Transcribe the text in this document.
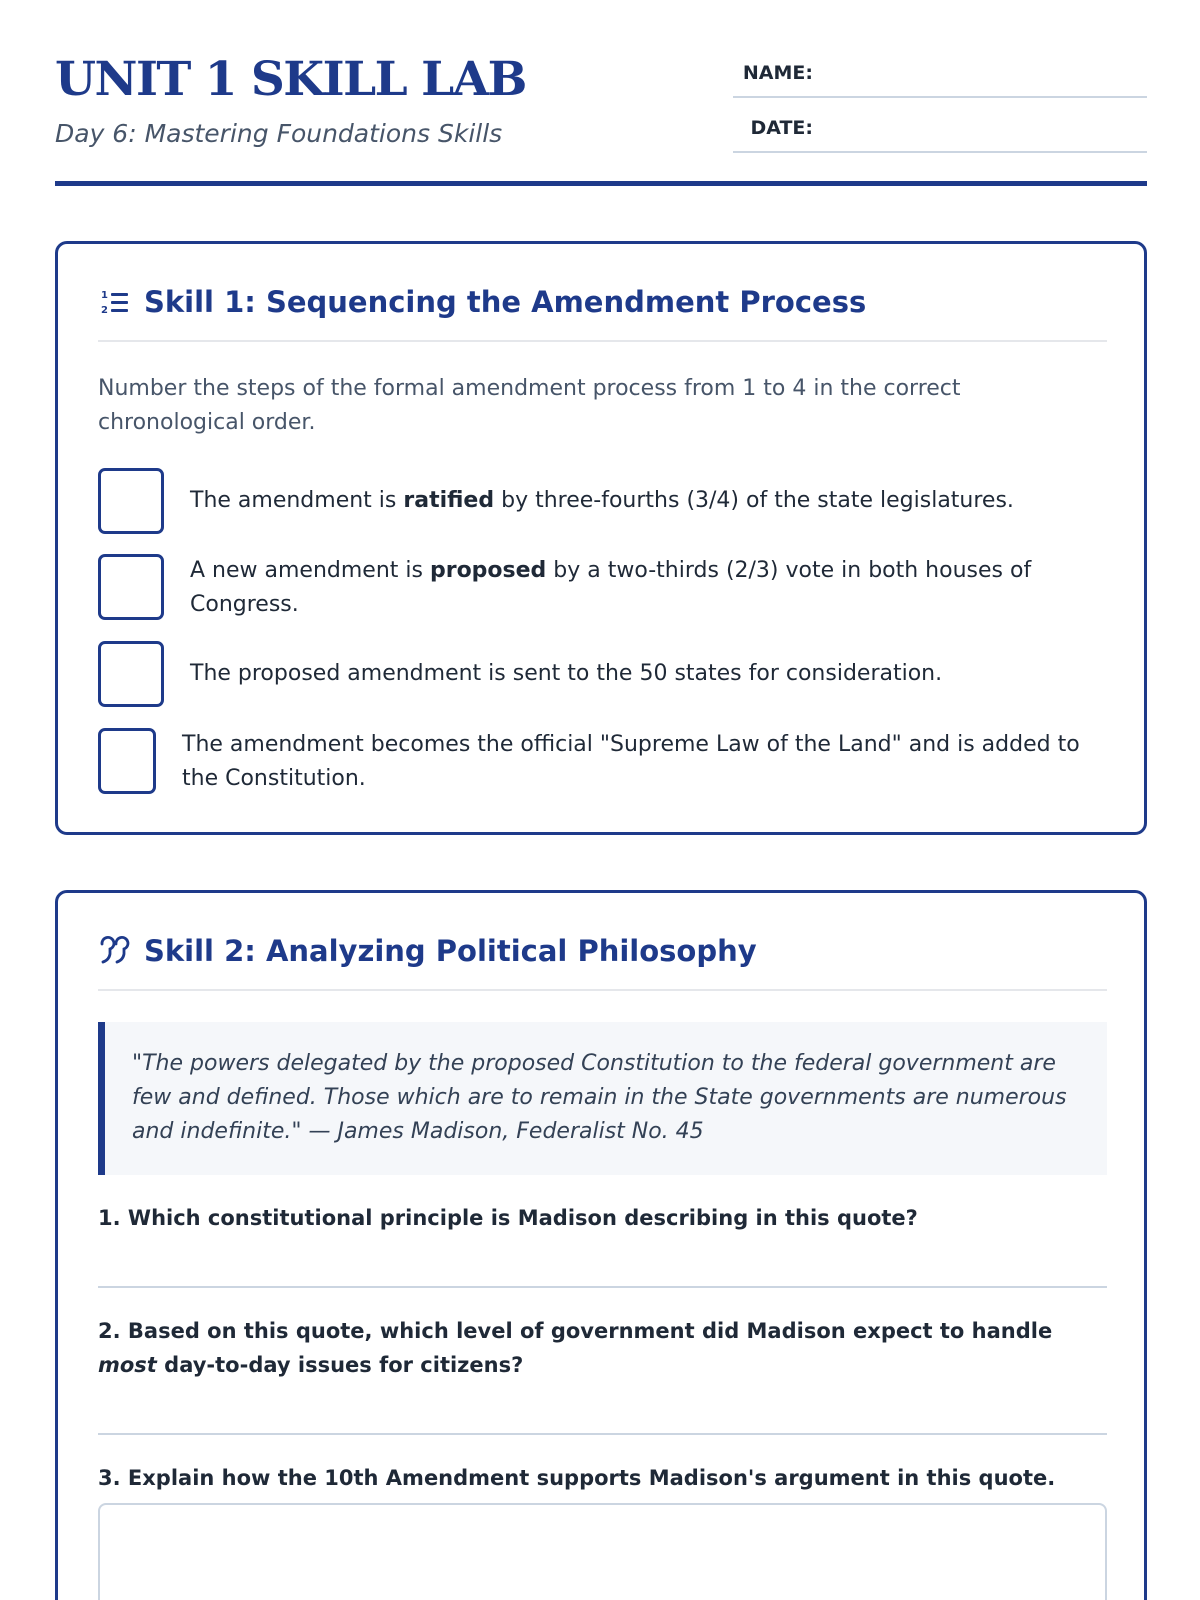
UNIT 1 SKILL LAB
Day 6: Mastering Foundations Skills
NAME:
DATE:
1
2 Skill 1: Sequencing the Amendment Process
Number the steps of the formal amendment process from 1 to 4 in the correct chronological order.
The amendment is ratified by three-fourths (3/4) of the state legislatures.
A new amendment is proposed by a two-thirds (2/3) vote in both houses of Congress.
The proposed amendment is sent to the 50 states for consideration.
The amendment becomes the official "Supreme Law of the Land" and is added to the Constitution.
Skill 2: Analyzing Political Philosophy
"The powers delegated by the proposed Constitution to the federal government are few and defined. Those which are to remain in the State governments are numerous and indefinite." — James Madison, Federalist No. 45
1. Which constitutional principle is Madison describing in this quote?
2. Based on this quote, which level of government did Madison expect to handle most day-to-day issues for citizens?
3. Explain how the 10th Amendment supports Madison's argument in this quote.
